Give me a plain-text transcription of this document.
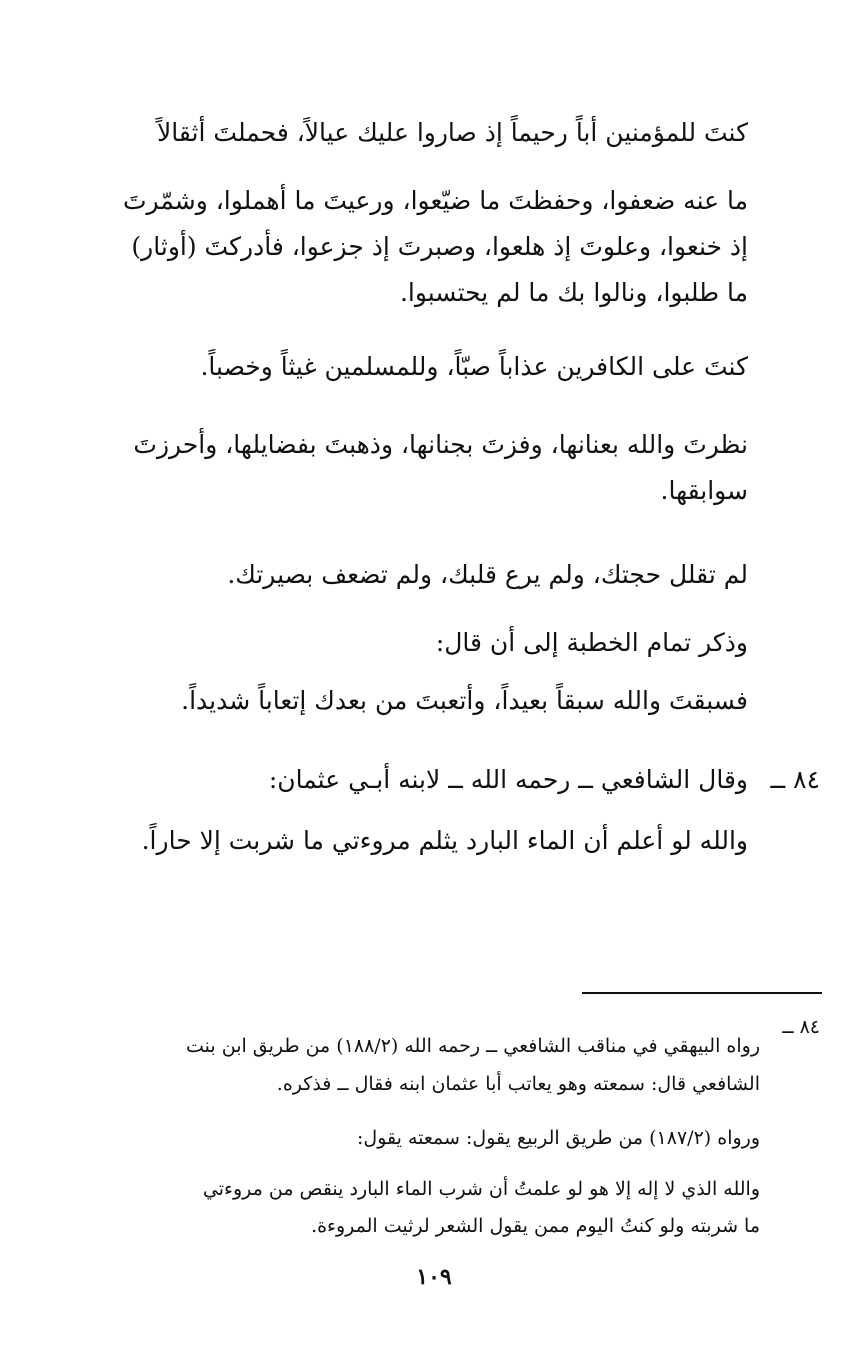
كنتَ للمؤمنين أباً رحيماً إذ صاروا عليك عيالاً، فحملتَ أثقالاً

ما عنه ضعفوا، وحفظتَ ما ضيّعوا، ورعيتَ ما أهملوا، وشمّرتَ

إذ خنعوا، وعلوتَ إذ هلعوا، وصبرتَ إذ جزعوا، فأدركتَ (أوثار)

ما طلبوا، ونالوا بك ما لم يحتسبوا.

كنتَ على الكافرين عذاباً صبّاً، وللمسلمين غيثاً وخصباً.

نظرتَ والله بعنانها، وفزتَ بجنانها، وذهبتَ بفضايلها، وأحرزتَ

سوابقها.

لم تقلل حجتك، ولم يرع قلبك، ولم تضعف بصيرتك.

وذكر تمام الخطبة إلى أن قال:

فسبقتَ والله سبقاً بعيداً، وأتعبتَ من بعدك إتعاباً شديداً.

٨٤ ــ

وقال الشافعي ــ رحمه الله ــ لابنه أبـي عثمان:

والله لو أعلم أن الماء البارد يثلم مروءتي ما شربت إلا حاراً.

٨٤ ــ

رواه البيهقي في مناقب الشافعي ــ رحمه الله (١٨٨/٢) من طريق ابن بنت

الشافعي قال: سمعته وهو يعاتب أبا عثمان ابنه فقال ــ فذكره.

ورواه (١٨٧/٢) من طريق الربيع يقول: سمعته يقول:

والله الذي لا إله إلا هو لو علمتُ أن شرب الماء البارد ينقص من مروءتي

ما شربته ولو كنتُ اليوم ممن يقول الشعر لرثيت المروءة.

١٠٩
